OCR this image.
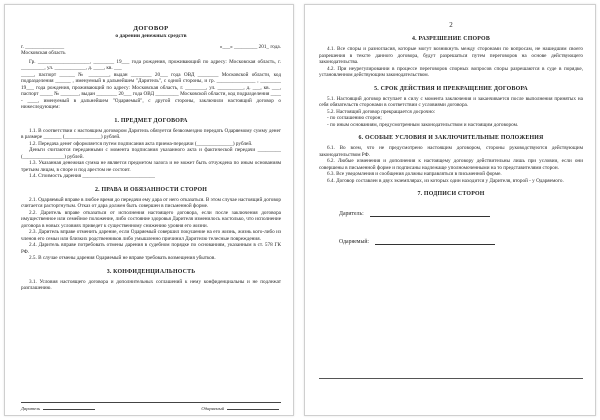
ДОГОВОР

о дарении денежных средств

г. _______________	«___» _________ 201_ года.
Московская область

Гр. ____________________, ________ 19___ года рождения, проживающий по адресу: Московская область, г. _________, ул. ____________, д. ____, кв. ___

_____, паспорт ______ № ________, выдан ________ 20___ года ОВД ________ Московской области, код подразделения ______ , именуемый в дальнейшем "Даритель", с одной стороны, и гр. _______________ , ________ 19___ года рождения, проживающий по адресу: Московская область, г. ________, ул. __________, д. ___, кв. ___, паспорт _____ № _______, выдан ________ 20___ года ОВД _________ Московской области, код подразделения ____ - ____, именуемый в дальнейшем "Одаряемый", с другой стороны, заключили настоящий договор о нижеследующем:

1. ПРЕДМЕТ ДОГОВОРА

1.1. В соответствии с настоящим договором Даритель обязуется безвозмездно передать Одаряемому сумму денег в размере _______ (______________) рублей.

1.2. Передача денег оформляется путем подписания акта приема-передачи (______________) рублей.

Деньги считаются переданными с момента подписания указанного акта и фактической передачи _________ (________________) рублей.

1.3. Указанная денежная сумма не является предметом залога и не может быть отчуждена по иным основаниям третьим лицам, в споре и под арестом не состоит.

1.4. Стоимость дарения ____________________________

2. ПРАВА И ОБЯЗАННОСТИ СТОРОН

2.1. Одаряемый вправе в любое время до передачи ему дара от него отказаться. В этом случае настоящий договор считается расторгнутым. Отказ от дара должен быть совершен в письменной форме.

2.2. Даритель вправе отказаться от исполнения настоящего договора, если после заключения договора имущественное или семейное положение, либо состояние здоровья Дарителя изменилось настолько, что исполнение договора в новых условиях приведет к существенному снижению уровня его жизни.

2.3. Даритель вправе отменить дарение, если Одаряемый совершил покушение на его жизнь, жизнь кого-либо из членов его семьи или близких родственников либо умышленно причинил Дарителю телесные повреждения.

2.4. Даритель вправе потребовать отмены дарения в судебном порядке по основаниям, указанным в ст. 578 ГК РФ.

2.5. В случае отмены дарения Одаряемый не вправе требовать возмещения убытков.

3. КОНФИДЕНЦИАЛЬНОСТЬ

3.1. Условия настоящего договора и дополнительных соглашений к нему конфиденциальны и не подлежат разглашению.

Даритель	Одаряемый
2
4. РАЗРЕШЕНИЕ СПОРОВ

4.1. Все споры и разногласия, которые могут возникнуть между сторонами по вопросам, не нашедшим своего разрешения в тексте данного договора, будут разрешаться путем переговоров на основе действующего законодательства.

4.2. При неурегулировании в процессе переговоров спорных вопросов споры разрешаются в суде в порядке, установленном действующим законодательством.

5. СРОК ДЕЙСТВИЯ И ПРЕКРАЩЕНИЕ ДОГОВОРА

5.1. Настоящий договор вступает в силу с момента заключения и заканчивается после выполнения принятых на себя обязательств сторонами в соответствии с условиями договора.

5.2. Настоящий договор прекращается досрочно:

- по соглашению сторон;

- по иным основаниям, предусмотренным законодательством и настоящим договором.

6. ОСОБЫЕ УСЛОВИЯ И ЗАКЛЮЧИТЕЛЬНЫЕ ПОЛОЖЕНИЯ

6.1. Во всем, что не предусмотрено настоящим договором, стороны руководствуются действующим законодательством РФ.

6.2. Любые изменения и дополнения к настоящему договору действительны лишь при условии, если они совершены в письменной форме и подписаны надлежаще уполномоченными на то представителями сторон.

6.3. Все уведомления и сообщения должны направляться в письменной форме.

6.4. Договор составлен в двух экземплярах, из которых один находится у Дарителя, второй - у Одаряемого.

7. ПОДПИСИ СТОРОН
Даритель:
Одаряемый:
